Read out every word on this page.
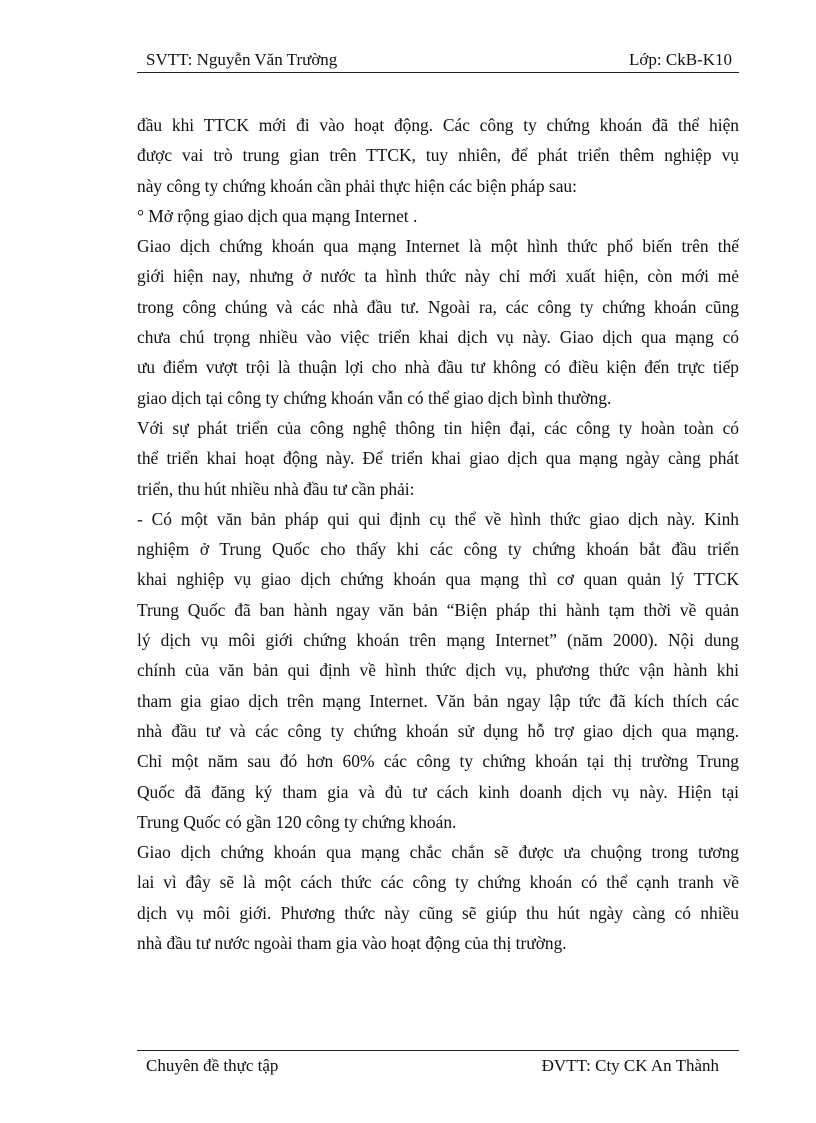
SVTT: Nguyễn Văn Trường	Lớp: CkB-K10
đầu khi TTCK mới đi vào hoạt động. Các công ty chứng khoán đã thể hiện
được vai trò trung gian trên TTCK, tuy nhiên, để phát triển thêm nghiệp vụ
này công ty chứng khoán cần phải thực hiện các biện pháp sau:
° Mở rộng giao dịch qua mạng Internet .
Giao dịch chứng khoán qua mạng Internet là một hình thức phổ biến trên thế
giới hiện nay, nhưng ở nước ta hình thức này chỉ mới xuất hiện, còn mới mẻ
trong công chúng và các nhà đầu tư. Ngoài ra, các công ty chứng khoán cũng
chưa chú trọng nhiều vào việc triển khai dịch vụ này. Giao dịch qua mạng có
ưu điểm vượt trội là thuận lợi cho nhà đầu tư không có điều kiện đến trực tiếp
giao dịch tại công ty chứng khoán vẫn có thể giao dịch bình thường.
Với sự phát triển của công nghệ thông tin hiện đại, các công ty hoàn toàn có
thể triển khai hoạt động này. Để triển khai giao dịch qua mạng ngày càng phát
triển, thu hút nhiều nhà đầu tư cần phải:
- Có một văn bản pháp qui qui định cụ thể về hình thức giao dịch này. Kinh
nghiệm ở Trung Quốc cho thấy khi các công ty chứng khoán bắt đầu triển
khai nghiệp vụ giao dịch chứng khoán qua mạng thì cơ quan quản lý TTCK
Trung Quốc đã ban hành ngay văn bản “Biện pháp thi hành tạm thời về quản
lý dịch vụ môi giới chứng khoán trên mạng Internet” (năm 2000). Nội dung
chính của văn bản qui định về hình thức dịch vụ, phương thức vận hành khi
tham gia giao dịch trên mạng Internet. Văn bản ngay lập tức đã kích thích các
nhà đầu tư và các công ty chứng khoán sử dụng hỗ trợ giao dịch qua mạng.
Chỉ một năm sau đó hơn 60% các công ty chứng khoán tại thị trường Trung
Quốc đã đăng ký tham gia và đủ tư cách kinh doanh dịch vụ này. Hiện tại
Trung Quốc có gần 120 công ty chứng khoán.
Giao dịch chứng khoán qua mạng chắc chắn sẽ được ưa chuộng trong tương
lai vì đây sẽ là một cách thức các công ty chứng khoán có thể cạnh tranh về
dịch vụ môi giới. Phương thức này cũng sẽ giúp thu hút ngày càng có nhiều
nhà đầu tư nước ngoài tham gia vào hoạt động của thị trường.
Chuyên đề thực tập	ĐVTT: Cty CK An Thành
